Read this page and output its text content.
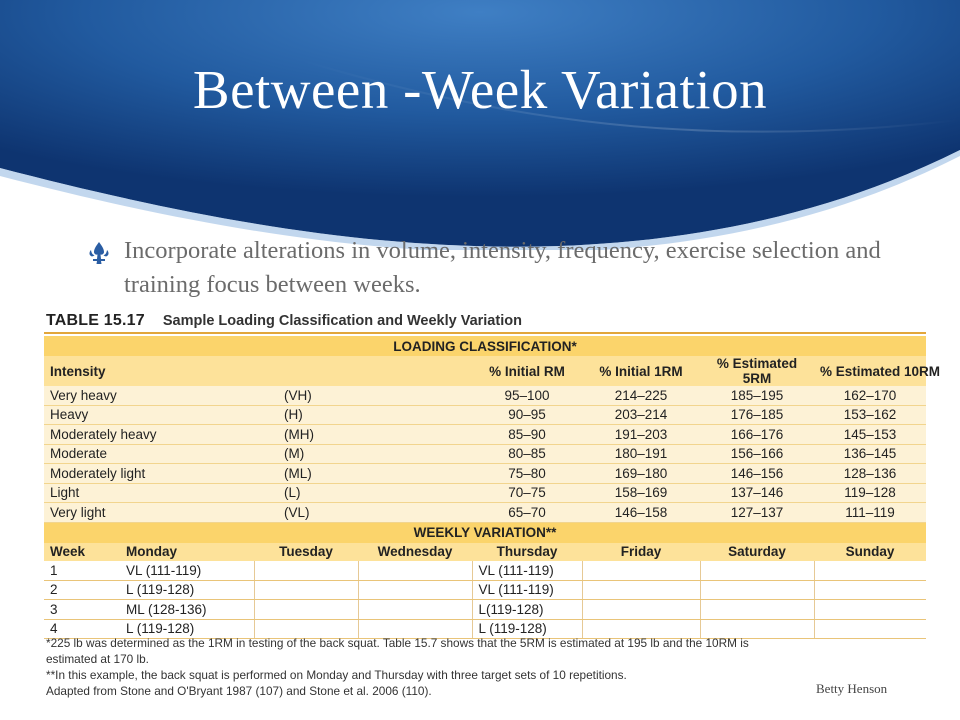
Between -Week Variation
Incorporate alterations in volume, intensity, frequency, exercise selection and training focus between weeks.
TABLE 15.17 Sample Loading Classification and Weekly Variation
LOADING CLASSIFICATION*							
Intensity				% Initial RM	% Initial 1RM	% Estimated 5RM	% Estimated 10RM
Very heavy		(VH)		95–100	214–225	185–195	162–170
Heavy		(H)		90–95	203–214	176–185	153–162
Moderately heavy		(MH)		85–90	191–203	166–176	145–153
Moderate		(M)		80–85	180–191	156–166	136–145
Moderately light		(ML)		75–80	169–180	146–156	128–136
Light		(L)		70–75	158–169	137–146	119–128
Very light		(VL)		65–70	146–158	127–137	111–119
WEEKLY VARIATION**							
Week	Monday	Tuesday	Wednesday	Thursday	Friday	Saturday	Sunday
1	VL (111-119)			VL (111-119)			
2	L (119-128)			VL (111-119)			
3	ML (128-136)			L(119-128)			
4	L (119-128)			L (119-128)			
*225 lb was determined as the 1RM in testing of the back squat. Table 15.7 shows that the 5RM is estimated at 195 lb and the 10RM is
estimated at 170 lb.
**In this example, the back squat is performed on Monday and Thursday with three target sets of 10 repetitions.
Adapted from Stone and O'Bryant 1987 (107) and Stone et al. 2006 (110).	Betty Henson
